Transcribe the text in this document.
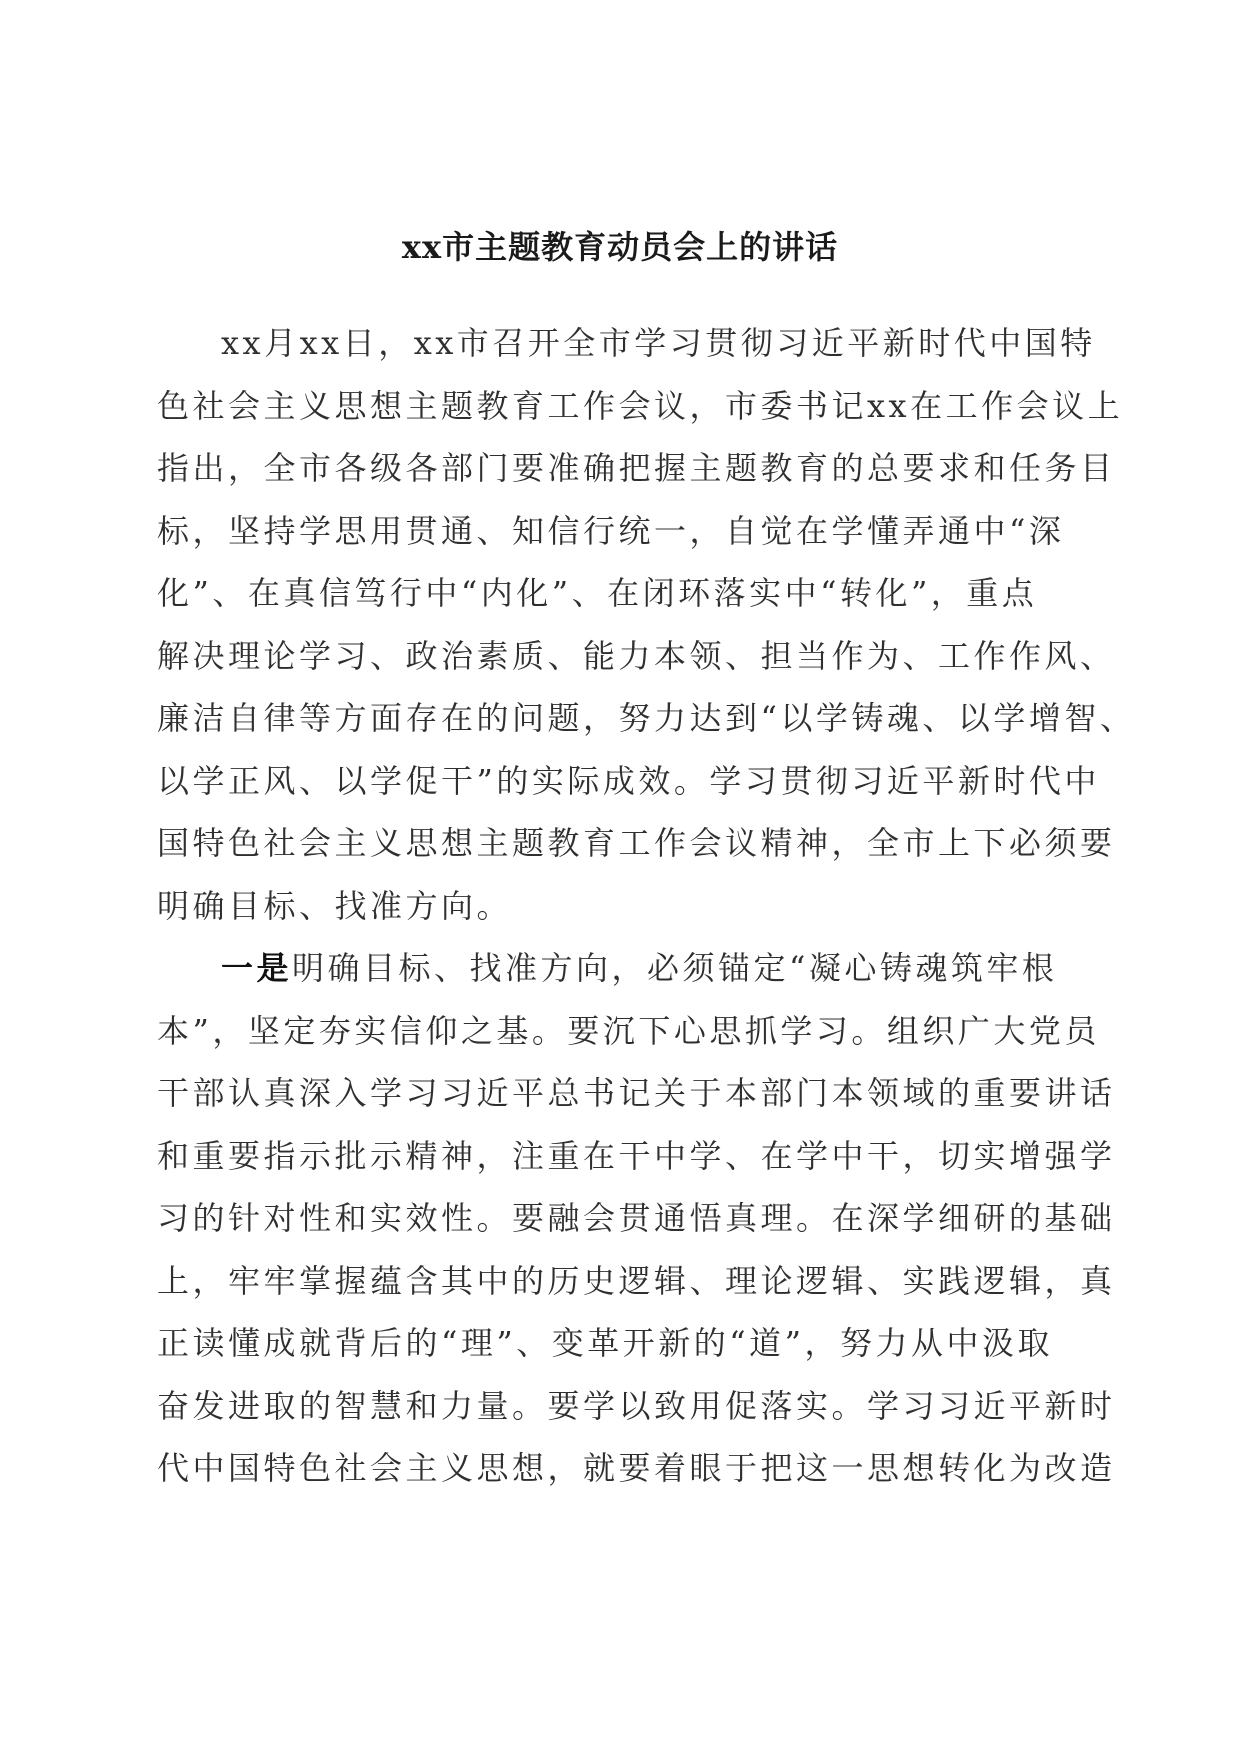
xx市主题教育动员会上的讲话
xx月xx日，xx市召开全市学习贯彻习近平新时代中国特
色社会主义思想主题教育工作会议，市委书记xx在工作会议上
指出，全市各级各部门要准确把握主题教育的总要求和任务目
标，坚持学思用贯通、知信行统一，自觉在学懂弄通中“深
化”、在真信笃行中“内化”、在闭环落实中“转化”，重点
解决理论学习、政治素质、能力本领、担当作为、工作作风、
廉洁自律等方面存在的问题，努力达到“以学铸魂、以学增智、
以学正风、以学促干”的实际成效。学习贯彻习近平新时代中
国特色社会主义思想主题教育工作会议精神，全市上下必须要
明确目标、找准方向。
一是明确目标、找准方向，必须锚定“凝心铸魂筑牢根
本”，坚定夯实信仰之基。要沉下心思抓学习。组织广大党员
干部认真深入学习习近平总书记关于本部门本领域的重要讲话
和重要指示批示精神，注重在干中学、在学中干，切实增强学
习的针对性和实效性。要融会贯通悟真理。在深学细研的基础
上，牢牢掌握蕴含其中的历史逻辑、理论逻辑、实践逻辑，真
正读懂成就背后的“理”、变革开新的“道”，努力从中汲取
奋发进取的智慧和力量。要学以致用促落实。学习习近平新时
代中国特色社会主义思想，就要着眼于把这一思想转化为改造
